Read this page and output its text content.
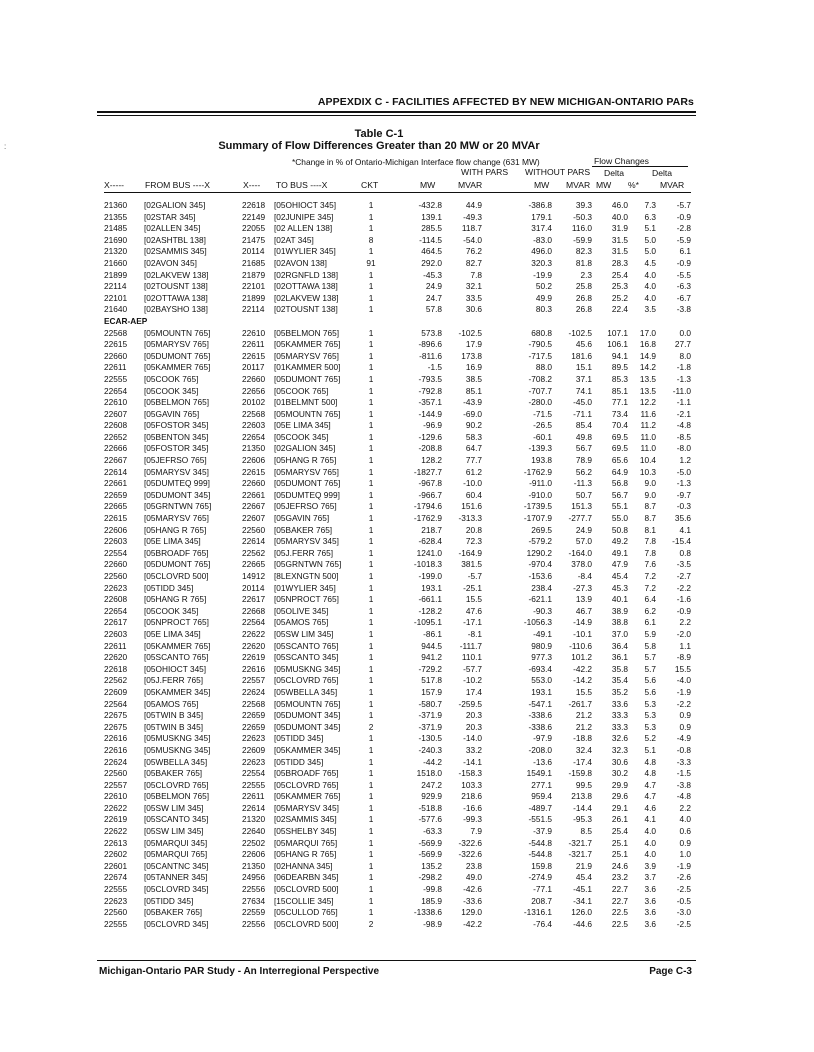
APPEXDIX C - FACILITIES AFFECTED BY NEW MICHIGAN-ONTARIO PARs
Table C-1
Summary of Flow Differences Greater than 20 MW or 20 MVAr
*Change in % of Ontario-Michigan Interface flow change (631 MW)
WITH PARS WITHOUT PARS
Flow Changes
Delta	Delta
X----- FROM BUS ----X	X---- TO BUS ----X	CKT	MW	MVAR	MW MVAR MW %* MVAR
21360	[02GALION 345]	22618	[05OHIOCT 345]	1	-432.8	44.9	-386.8	39.3	46.0	7.3	-5.7
21355	[02STAR 345]	22149	[02JUNIPE 345]	1	139.1	-49.3	179.1	-50.3	40.0	6.3	-0.9
21485	[02ALLEN 345]	22055	[02 ALLEN 138]	1	285.5	118.7	317.4	116.0	31.9	5.1	-2.8
21690	[02ASHTBL 138]	21475	[02AT 345]	8	-114.5	-54.0	-83.0	-59.9	31.5	5.0	-5.9
21320	[02SAMMIS 345]	20114	[01WYLIER 345]	1	464.5	76.2	496.0	82.3	31.5	5.0	6.1
21660	[02AVON 345]	21685	[02AVON 138]	91	292.0	82.7	320.3	81.8	28.3	4.5	-0.9
21899	[02LAKVEW 138]	21879	[02RGNFLD 138]	1	-45.3	7.8	-19.9	2.3	25.4	4.0	-5.5
22114	[02TOUSNT 138]	22101	[02OTTAWA 138]	1	24.9	32.1	50.2	25.8	25.3	4.0	-6.3
22101	[02OTTAWA 138]	21899	[02LAKVEW 138]	1	24.7	33.5	49.9	26.8	25.2	4.0	-6.7
21640	[02BAYSHO 138]	22114	[02TOUSNT 138]	1	57.8	30.6	80.3	26.8	22.4	3.5	-3.8
ECAR-AEP											
22568	[05MOUNTN 765]	22610	[05BELMON 765]	1	573.8	-102.5	680.8	-102.5	107.1	17.0	0.0
22615	[05MARYSV 765]	22611	[05KAMMER 765]	1	-896.6	17.9	-790.5	45.6	106.1	16.8	27.7
22660	[05DUMONT 765]	22615	[05MARYSV 765]	1	-811.6	173.8	-717.5	181.6	94.1	14.9	8.0
22611	[05KAMMER 765]	20117	[01KAMMER 500]	1	-1.5	16.9	88.0	15.1	89.5	14.2	-1.8
22555	[05COOK 765]	22660	[05DUMONT 765]	1	-793.5	38.5	-708.2	37.1	85.3	13.5	-1.3
22654	[05COOK 345]	22656	[05COOK 765]	1	-792.8	85.1	-707.7	74.1	85.1	13.5	-11.0
22610	[05BELMON 765]	20102	[01BELMNT 500]	1	-357.1	-43.9	-280.0	-45.0	77.1	12.2	-1.1
22607	[05GAVIN 765]	22568	[05MOUNTN 765]	1	-144.9	-69.0	-71.5	-71.1	73.4	11.6	-2.1
22608	[05FOSTOR 345]	22603	[05E LIMA 345]	1	-96.9	90.2	-26.5	85.4	70.4	11.2	-4.8
22652	[05BENTON 345]	22654	[05COOK 345]	1	-129.6	58.3	-60.1	49.8	69.5	11.0	-8.5
22666	[05FOSTOR 345]	21350	[02GALION 345]	1	-208.8	64.7	-139.3	56.7	69.5	11.0	-8.0
22667	[05JEFRSO 765]	22606	[05HANG R 765]	1	128.2	77.7	193.8	78.9	65.6	10.4	1.2
22614	[05MARYSV 345]	22615	[05MARYSV 765]	1	-1827.7	61.2	-1762.9	56.2	64.9	10.3	-5.0
22661	[05DUMTEQ 999]	22660	[05DUMONT 765]	1	-967.8	-10.0	-911.0	-11.3	56.8	9.0	-1.3
22659	[05DUMONT 345]	22661	[05DUMTEQ 999]	1	-966.7	60.4	-910.0	50.7	56.7	9.0	-9.7
22665	[05GRNTWN 765]	22667	[05JEFRSO 765]	1	-1794.6	151.6	-1739.5	151.3	55.1	8.7	-0.3
22615	[05MARYSV 765]	22607	[05GAVIN 765]	1	-1762.9	-313.3	-1707.9	-277.7	55.0	8.7	35.6
22606	[05HANG R 765]	22560	[05BAKER 765]	1	218.7	20.8	269.5	24.9	50.8	8.1	4.1
22603	[05E LIMA 345]	22614	[05MARYSV 345]	1	-628.4	72.3	-579.2	57.0	49.2	7.8	-15.4
22554	[05BROADF 765]	22562	[05J.FERR 765]	1	1241.0	-164.9	1290.2	-164.0	49.1	7.8	0.8
22660	[05DUMONT 765]	22665	[05GRNTWN 765]	1	-1018.3	381.5	-970.4	378.0	47.9	7.6	-3.5
22560	[05CLOVRD 500]	14912	[8LEXNGTN 500]	1	-199.0	-5.7	-153.6	-8.4	45.4	7.2	-2.7
22623	[05TIDD 345]	20114	[01WYLIER 345]	1	193.1	-25.1	238.4	-27.3	45.3	7.2	-2.2
22608	[05HANG R 765]	22617	[05NPROCT 765]	1	-661.1	15.5	-621.1	13.9	40.1	6.4	-1.6
22654	[05COOK 345]	22668	[05OLIVE 345]	1	-128.2	47.6	-90.3	46.7	38.9	6.2	-0.9
22617	[05NPROCT 765]	22564	[05AMOS 765]	1	-1095.1	-17.1	-1056.3	-14.9	38.8	6.1	2.2
22603	[05E LIMA 345]	22622	[05SW LIM 345]	1	-86.1	-8.1	-49.1	-10.1	37.0	5.9	-2.0
22611	[05KAMMER 765]	22620	[05SCANTO 765]	1	944.5	-111.7	980.9	-110.6	36.4	5.8	1.1
22620	[05SCANTO 765]	22619	[05SCANTO 345]	1	941.2	110.1	977.3	101.2	36.1	5.7	-8.9
22618	[05OHIOCT 345]	22616	[05MUSKNG 345]	1	-729.2	-57.7	-693.4	-42.2	35.8	5.7	15.5
22562	[05J.FERR 765]	22557	[05CLOVRD 765]	1	517.8	-10.2	553.0	-14.2	35.4	5.6	-4.0
22609	[05KAMMER 345]	22624	[05WBELLA 345]	1	157.9	17.4	193.1	15.5	35.2	5.6	-1.9
22564	[05AMOS 765]	22568	[05MOUNTN 765]	1	-580.7	-259.5	-547.1	-261.7	33.6	5.3	-2.2
22675	[05TWIN B 345]	22659	[05DUMONT 345]	1	-371.9	20.3	-338.6	21.2	33.3	5.3	0.9
22675	[05TWIN B 345]	22659	[05DUMONT 345]	2	-371.9	20.3	-338.6	21.2	33.3	5.3	0.9
22616	[05MUSKNG 345]	22623	[05TIDD 345]	1	-130.5	-14.0	-97.9	-18.8	32.6	5.2	-4.9
22616	[05MUSKNG 345]	22609	[05KAMMER 345]	1	-240.3	33.2	-208.0	32.4	32.3	5.1	-0.8
22624	[05WBELLA 345]	22623	[05TIDD 345]	1	-44.2	-14.1	-13.6	-17.4	30.6	4.8	-3.3
22560	[05BAKER 765]	22554	[05BROADF 765]	1	1518.0	-158.3	1549.1	-159.8	30.2	4.8	-1.5
22557	[05CLOVRD 765]	22555	[05CLOVRD 765]	1	247.2	103.3	277.1	99.5	29.9	4.7	-3.8
22610	[05BELMON 765]	22611	[05KAMMER 765]	1	929.9	218.6	959.4	213.8	29.6	4.7	-4.8
22622	[05SW LIM 345]	22614	[05MARYSV 345]	1	-518.8	-16.6	-489.7	-14.4	29.1	4.6	2.2
22619	[05SCANTO 345]	21320	[02SAMMIS 345]	1	-577.6	-99.3	-551.5	-95.3	26.1	4.1	4.0
22622	[05SW LIM 345]	22640	[05SHELBY 345]	1	-63.3	7.9	-37.9	8.5	25.4	4.0	0.6
22613	[05MARQUI 345]	22502	[05MARQUI 765]	1	-569.9	-322.6	-544.8	-321.7	25.1	4.0	0.9
22602	[05MARQUI 765]	22606	[05HANG R 765]	1	-569.9	-322.6	-544.8	-321.7	25.1	4.0	1.0
22601	[05CANTNC 345]	21350	[02HANNA 345]	1	135.2	23.8	159.8	21.9	24.6	3.9	-1.9
22674	[05TANNER 345]	24956	[06DEARBN 345]	1	-298.2	49.0	-274.9	45.4	23.2	3.7	-2.6
22555	[05CLOVRD 345]	22556	[05CLOVRD 500]	1	-99.8	-42.6	-77.1	-45.1	22.7	3.6	-2.5
22623	[05TIDD 345]	27634	[15COLLIE 345]	1	185.9	-33.6	208.7	-34.1	22.7	3.6	-0.5
22560	[05BAKER 765]	22559	[05CULLOD 765]	1	-1338.6	129.0	-1316.1	126.0	22.5	3.6	-3.0
22555	[05CLOVRD 345]	22556	[05CLOVRD 500]	2	-98.9	-42.2	-76.4	-44.6	22.5	3.6	-2.5
:
Michigan-Ontario PAR Study - An Interregional Perspective	Page C-3
